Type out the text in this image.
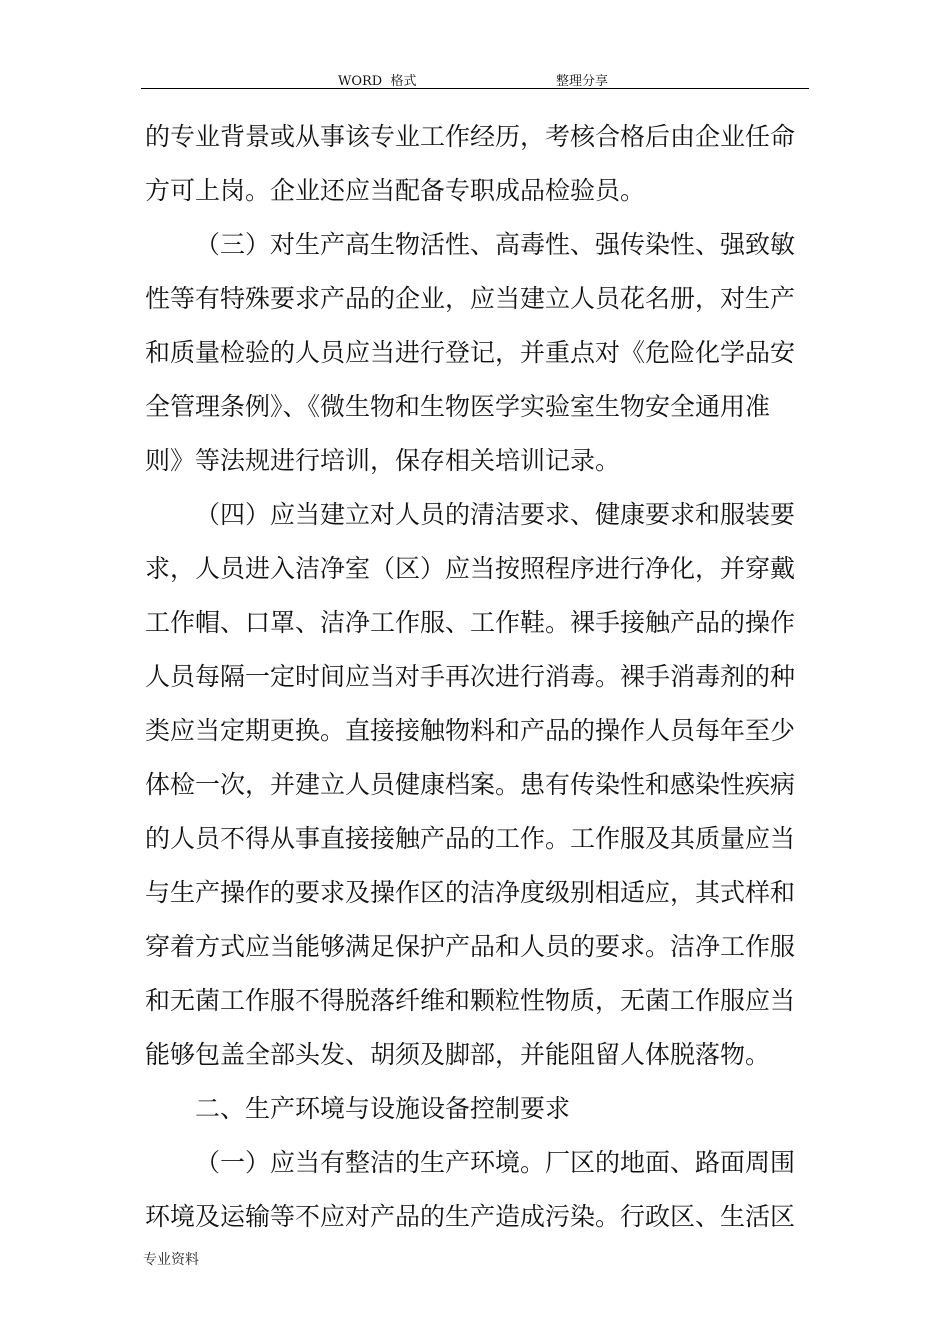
WORD  格式	整理分享
的专业背景或从事该专业工作经历，考核合格后由企业任命
方可上岗。企业还应当配备专职成品检验员。
（三）对生产高生物活性、高毒性、强传染性、强致敏
性等有特殊要求产品的企业，应当建立人员花名册，对生产
和质量检验的人员应当进行登记，并重点对《危险化学品安
全管理条例》、《微生物和生物医学实验室生物安全通用准
则》等法规进行培训，保存相关培训记录。
（四）应当建立对人员的清洁要求、健康要求和服装要
求，人员进入洁净室（区）应当按照程序进行净化，并穿戴
工作帽、口罩、洁净工作服、工作鞋。裸手接触产品的操作
人员每隔一定时间应当对手再次进行消毒。裸手消毒剂的种
类应当定期更换。直接接触物料和产品的操作人员每年至少
体检一次，并建立人员健康档案。患有传染性和感染性疾病
的人员不得从事直接接触产品的工作。工作服及其质量应当
与生产操作的要求及操作区的洁净度级别相适应，其式样和
穿着方式应当能够满足保护产品和人员的要求。洁净工作服
和无菌工作服不得脱落纤维和颗粒性物质，无菌工作服应当
能够包盖全部头发、胡须及脚部，并能阻留人体脱落物。
二、生产环境与设施设备控制要求
（一）应当有整洁的生产环境。厂区的地面、路面周围
环境及运输等不应对产品的生产造成污染。行政区、生活区
专业资料
